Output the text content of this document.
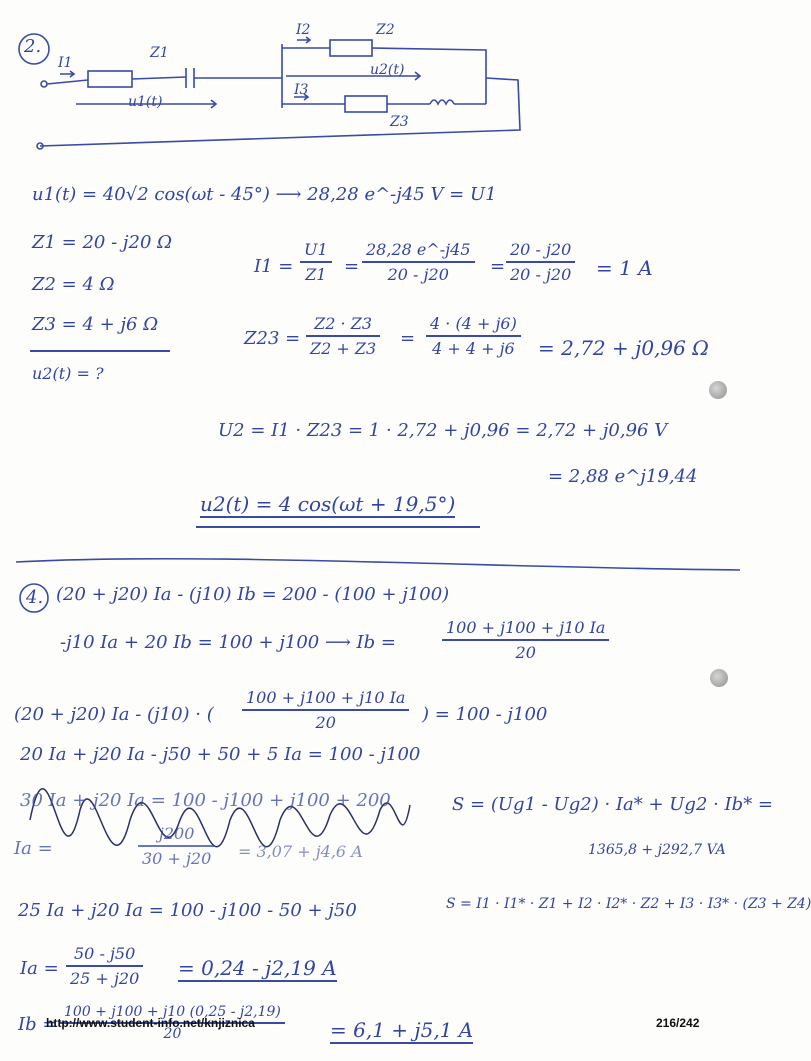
2.
I1
Z1
u1(t)
I2	Z2
u2(t)
I3
Z3
u1(t) = 40√2 cos(ωt - 45°) ⟶ 28,28 e^-j45 V = U1
Z1 = 20 - j20 Ω
Z2 = 4 Ω
Z3 = 4 + j6 Ω
u2(t) = ?
I1 =
U1
Z1 =
28,28 e^-j45
20 - j20 =
20 - j20
20 - j20 = 1 A
Z23 =
Z2 · Z3
Z2 + Z3 =
4 · (4 + j6)
4 + 4 + j6 = 2,72 + j0,96 Ω
U2 = I1 · Z23 = 1 · 2,72 + j0,96 = 2,72 + j0,96 V
= 2,88 e^j19,44
u2(t) = 4 cos(ωt + 19,5°)
4. (20 + j20) Ia - (j10) Ib = 200 - (100 + j100)
-j10 Ia + 20 Ib = 100 + j100 ⟶ Ib =
100 + j100 + j10 Ia
20
(20 + j20) Ia - (j10) · (
100 + j100 + j10 Ia
20	) = 100 - j100
20 Ia + j20 Ia - j50 + 50 + 5 Ia = 100 - j100
30 Ia + j20 Ia = 100 - j100 + j100 + 200
Ia =
j200
30 + j20 = 3,07 + j4,6 A
S = (Ug1 - Ug2) · Ia* + Ug2 · Ib* =
1365,8 + j292,7 VA
S = I1 · I1* · Z1 + I2 · I2* · Z2 + I3 · I3* · (Z3 + Z4)
25 Ia + j20 Ia = 100 - j100 - 50 + j50
Ia =
50 - j50
25 + j20 = 0,24 - j2,19 A
Ib =
100 + j100 + j10 (0,25 - j2,19)
20	= 6,1 + j5,1 A
http://www.student-info.net/knjiznica	216/242
